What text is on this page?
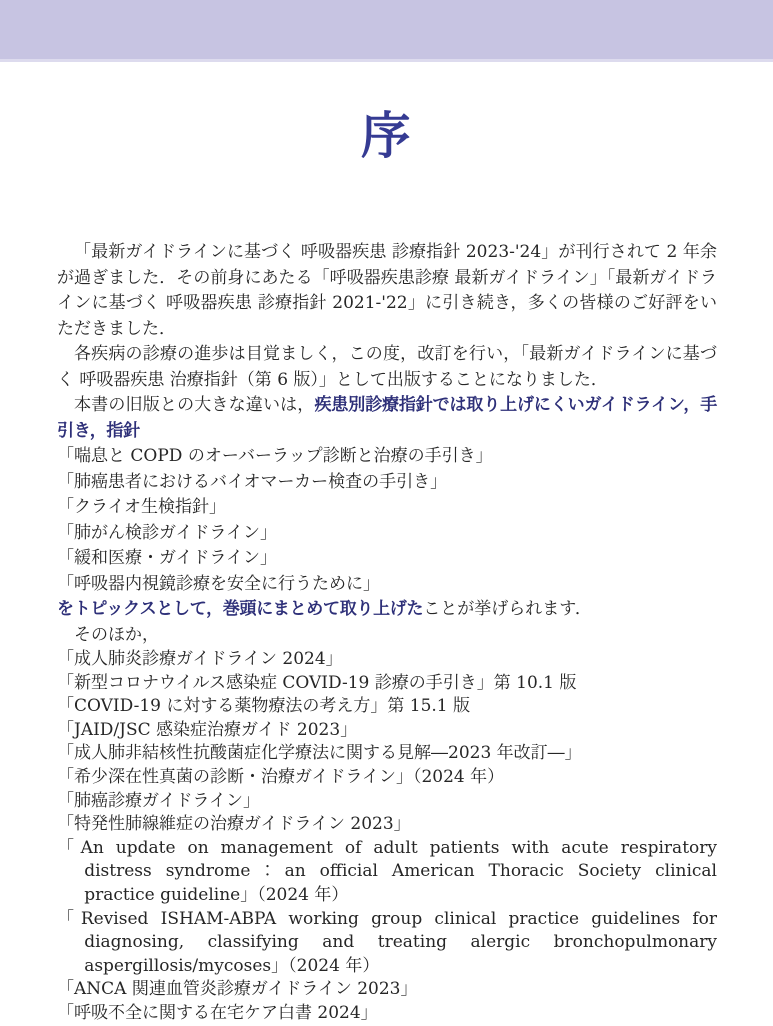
序

「最新ガイドラインに基づく 呼吸器疾患 診療指針 2023-'24」が刊行されて 2 年余が過ぎました．その前身にあたる「呼吸器疾患診療 最新ガイドライン」「最新ガイドラインに基づく 呼吸器疾患 診療指針 2021-'22」に引き続き，多くの皆様のご好評をいただきました．

各疾病の診療の進歩は目覚ましく，この度，改訂を行い，「最新ガイドラインに基づく 呼吸器疾患 治療指針（第 6 版）」として出版することになりました．

本書の旧版との大きな違いは，疾患別診療指針では取り上げにくいガイドライン，手引き，指針

「喘息と COPD のオーバーラップ診断と治療の手引き」
「肺癌患者におけるバイオマーカー検査の手引き」
「クライオ生検指針」
「肺がん検診ガイドライン」
「緩和医療・ガイドライン」
「呼吸器内視鏡診療を安全に行うために」

をトピックスとして，巻頭にまとめて取り上げたことが挙げられます．

そのほか，

「成人肺炎診療ガイドライン 2024」
「新型コロナウイルス感染症 COVID-19 診療の手引き」第 10.1 版
「COVID-19 に対する薬物療法の考え方」第 15.1 版
「JAID/JSC 感染症治療ガイド 2023」
「成人肺非結核性抗酸菌症化学療法に関する見解―2023 年改訂―」
「希少深在性真菌の診断・治療ガイドライン」（2024 年）
「肺癌診療ガイドライン」
「特発性肺線維症の治療ガイドライン 2023」
「An update on management of adult patients with acute respiratory distress syndrome：an official American Thoracic Society clinical practice guideline」（2024 年）
「Revised ISHAM-ABPA working group clinical practice guidelines for diagnosing, classifying and treating alergic bronchopulmonary aspergillosis/mycoses」（2024 年）
「ANCA 関連血管炎診療ガイドライン 2023」
「呼吸不全に関する在宅ケア白書 2024」
